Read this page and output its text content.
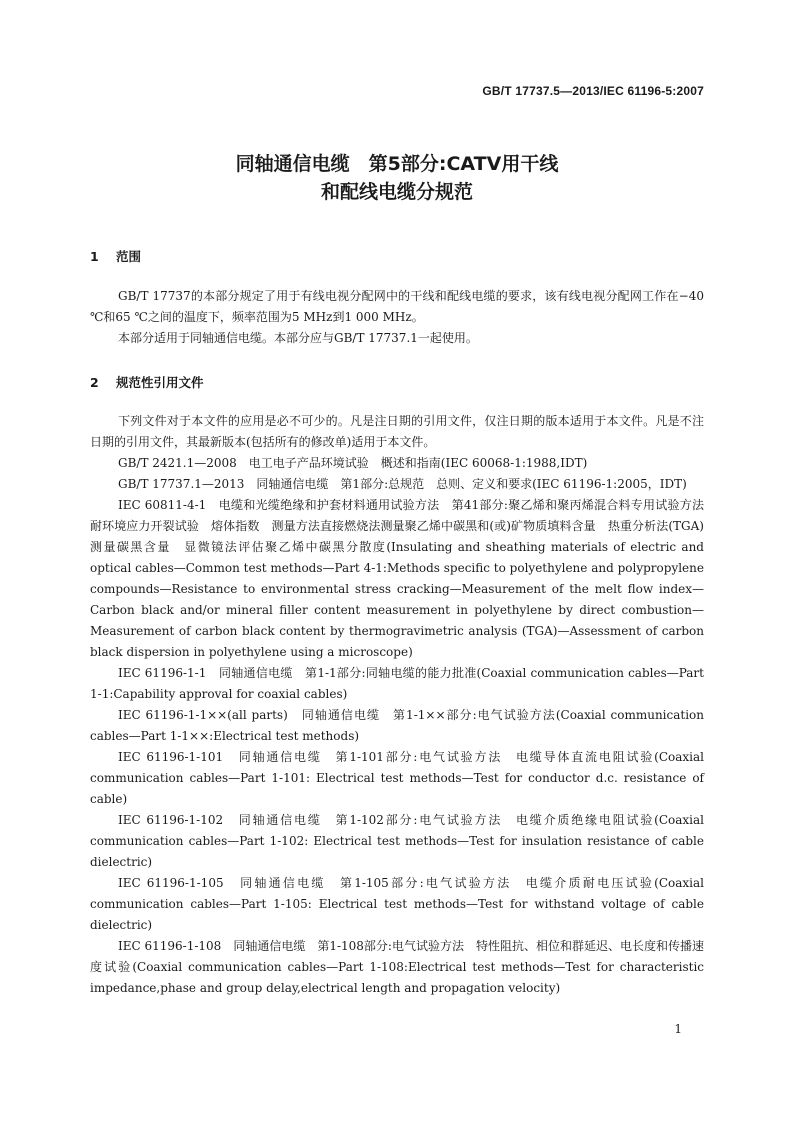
GB/T 17737.5—2013/IEC 61196-5:2007
同轴通信电缆　第5部分:CATV用干线
和配线电缆分规范
1 范围

GB/T 17737的本部分规定了用于有线电视分配网中的干线和配线电缆的要求，该有线电视分配网工作在−40 ℃和65 ℃之间的温度下，频率范围为5 MHz到1 000 MHz。

本部分适用于同轴通信电缆。本部分应与GB/T 17737.1一起使用。

2 规范性引用文件

下列文件对于本文件的应用是必不可少的。凡是注日期的引用文件，仅注日期的版本适用于本文件。凡是不注日期的引用文件，其最新版本(包括所有的修改单)适用于本文件。

GB/T 2421.1—2008　电工电子产品环境试验　概述和指南(IEC 60068-1:1988,IDT)

GB/T 17737.1—2013　同轴通信电缆　第1部分:总规范　总则、定义和要求(IEC 61196-1:2005，IDT)

IEC 60811-4-1　电缆和光缆绝缘和护套材料通用试验方法　第41部分:聚乙烯和聚丙烯混合料专用试验方法　耐环境应力开裂试验　熔体指数　测量方法直接燃烧法测量聚乙烯中碳黑和(或)矿物质填料含量　热重分析法(TGA)测量碳黑含量　显微镜法评估聚乙烯中碳黑分散度(Insulating and sheathing materials of electric and optical cables—Common test methods—Part 4-1:Methods specific to polyethylene and polypropylene compounds—Resistance to environmental stress cracking—Measurement of the melt flow index—Carbon black and/or mineral filler content measurement in polyethylene by direct combustion—Measurement of carbon black content by thermogravimetric analysis (TGA)—Assessment of carbon black dispersion in polyethylene using a microscope)

IEC 61196-1-1　同轴通信电缆　第1-1部分:同轴电缆的能力批准(Coaxial communication cables—Part 1-1:Capability approval for coaxial cables)

IEC 61196-1-1××(all parts)　同轴通信电缆　第1-1××部分:电气试验方法(Coaxial communication cables—Part 1-1××:Electrical test methods)

IEC 61196-1-101　同轴通信电缆　第1-101部分:电气试验方法　电缆导体直流电阻试验(Coaxial communication cables—Part 1-101: Electrical test methods—Test for conductor d.c. resistance of cable)

IEC 61196-1-102　同轴通信电缆　第1-102部分:电气试验方法　电缆介质绝缘电阻试验(Coaxial communication cables—Part 1-102: Electrical test methods—Test for insulation resistance of cable dielectric)

IEC 61196-1-105　同轴通信电缆　第1-105部分:电气试验方法　电缆介质耐电压试验(Coaxial communication cables—Part 1-105: Electrical test methods—Test for withstand voltage of cable dielectric)

IEC 61196-1-108　同轴通信电缆　第1-108部分:电气试验方法　特性阻抗、相位和群延迟、电长度和传播速度试验(Coaxial communication cables—Part 1-108:Electrical test methods—Test for characteristic impedance,phase and group delay,electrical length and propagation velocity)

1
